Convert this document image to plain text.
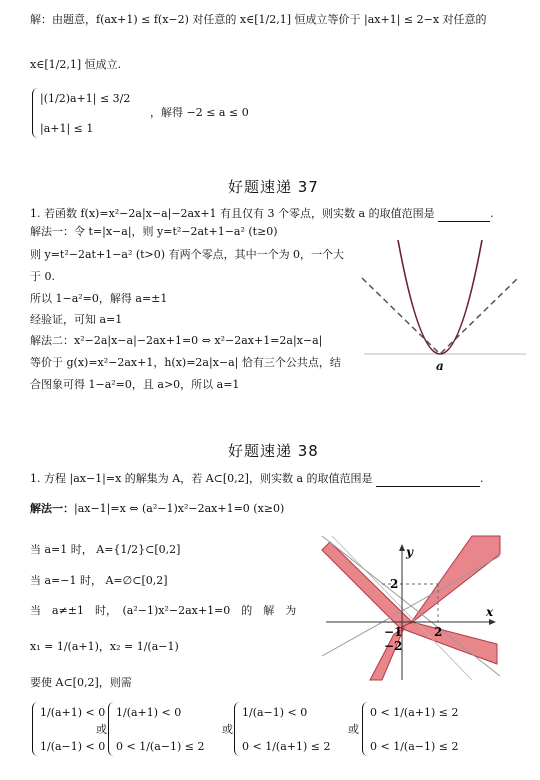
解：由题意，f(ax+1) ≤ f(x−2) 对任意的 x∈[1/2,1] 恒成立等价于 |ax+1| ≤ 2−x 对任意的
x∈[1/2,1] 恒成立.
|(1/2)a+1| ≤ 3/2
|a+1| ≤ 1
，解得 −2 ≤ a ≤ 0
好题速递 37
1. 若函数 f(x)=x²−2a|x−a|−2ax+1 有且仅有 3 个零点，则实数 a 的取值范围是	.
解法一：令 t=|x−a|，则 y=t²−2at+1−a² (t≥0)
则 y=t²−2at+1−a² (t>0) 有两个零点，其中一个为 0，一个大
于 0.
所以 1−a²=0，解得 a=±1
经验证，可知 a=1
解法二：x²−2a|x−a|−2ax+1=0 ⇔ x²−2ax+1=2a|x−a|
等价于 g(x)=x²−2ax+1，h(x)=2a|x−a| 恰有三个公共点，结
合图象可得 1−a²=0，且 a>0，所以 a=1
a
好题速递 38
1. 方程 |ax−1|=x 的解集为 A，若 A⊂[0,2]，则实数 a 的取值范围是	.
解法一：|ax−1|=x ⇔ (a²−1)x²−2ax+1=0 (x≥0)
当 a=1 时， A={1/2}⊂[0,2]
当 a=−1 时， A=∅⊂[0,2]
当　a≠±1　时，　(a²−1)x²−2ax+1=0　的　解　为
x₁ = 1/(a+1)，x₂ = 1/(a−1)
要使 A⊂[0,2]，则需
1/(a+1) < 0
1/(a−1) < 0
或
1/(a+1) < 0
0 < 1/(a−1) ≤ 2
或
1/(a−1) < 0
0 < 1/(a+1) ≤ 2
或
0 < 1/(a+1) ≤ 2
0 < 1/(a−1) ≤ 2
y
x
2
2
−1
−2
